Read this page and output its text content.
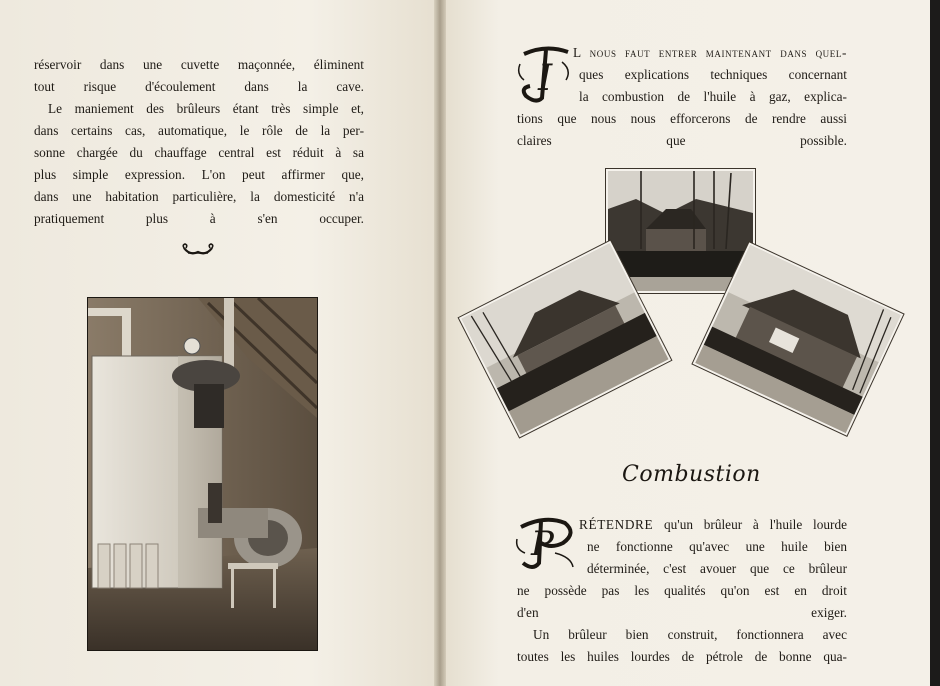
réservoir dans une cuvette maçonnée, éliminent
tout risque d'écoulement dans la cave.
Le maniement des brûleurs étant très simple et,
dans certains cas, automatique, le rôle de la per-
sonne chargée du chauffage central est réduit à sa
plus simple expression. L'on peut affirmer que,
dans une habitation particulière, la domesticité n'a
pratiquement plus à s'en occuper.
I
L nous faut entrer maintenant dans quel-
ques explications techniques concernant
la combustion de l'huile à gaz, explica-
tions que nous nous efforcerons de rendre aussi
claires que possible.
Combustion
P	RÉTENDRE qu'un brûleur à l'huile lourde
ne fonctionne qu'avec une huile bien
déterminée, c'est avouer que ce brûleur
ne possède pas les qualités qu'on est en droit
d'en exiger.
Un brûleur bien construit, fonctionnera avec
toutes les huiles lourdes de pétrole de bonne qua-
